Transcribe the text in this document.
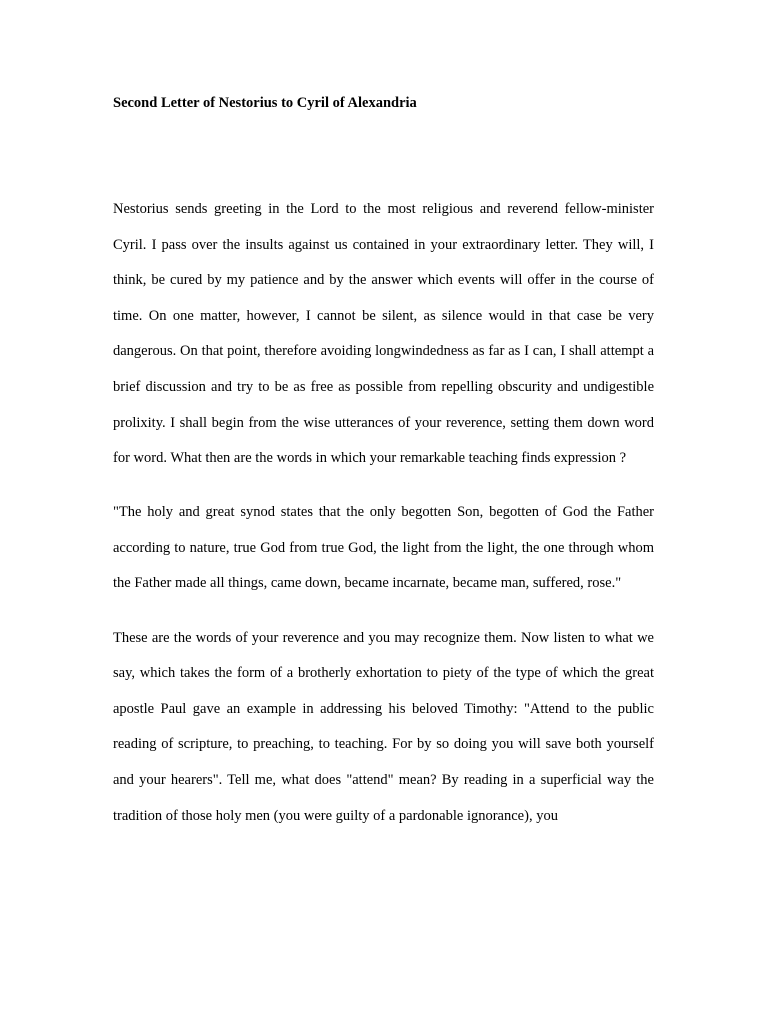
Second Letter of Nestorius to Cyril of Alexandria

Nestorius sends greeting in the Lord to the most religious and reverend fellow-minister Cyril. I pass over the insults against us contained in your extraordinary letter. They will, I think, be cured by my patience and by the answer which events will offer in the course of time. On one matter, however, I cannot be silent, as silence would in that case be very dangerous. On that point, therefore avoiding longwindedness as far as I can, I shall attempt a brief discussion and try to be as free as possible from repelling obscurity and undigestible prolixity. I shall begin from the wise utterances of your reverence, setting them down word for word. What then are the words in which your remarkable teaching finds expression ?

"The holy and great synod states that the only begotten Son, begotten of God the Father according to nature, true God from true God, the light from the light, the one through whom the Father made all things, came down, became incarnate, became man, suffered, rose."

These are the words of your reverence and you may recognize them. Now listen to what we say, which takes the form of a brotherly exhortation to piety of the type of which the great apostle Paul gave an example in addressing his beloved Timothy: "Attend to the public reading of scripture, to preaching, to teaching. For by so doing you will save both yourself and your hearers". Tell me, what does "attend" mean? By reading in a superficial way the tradition of those holy men (you were guilty of a pardonable ignorance), you
